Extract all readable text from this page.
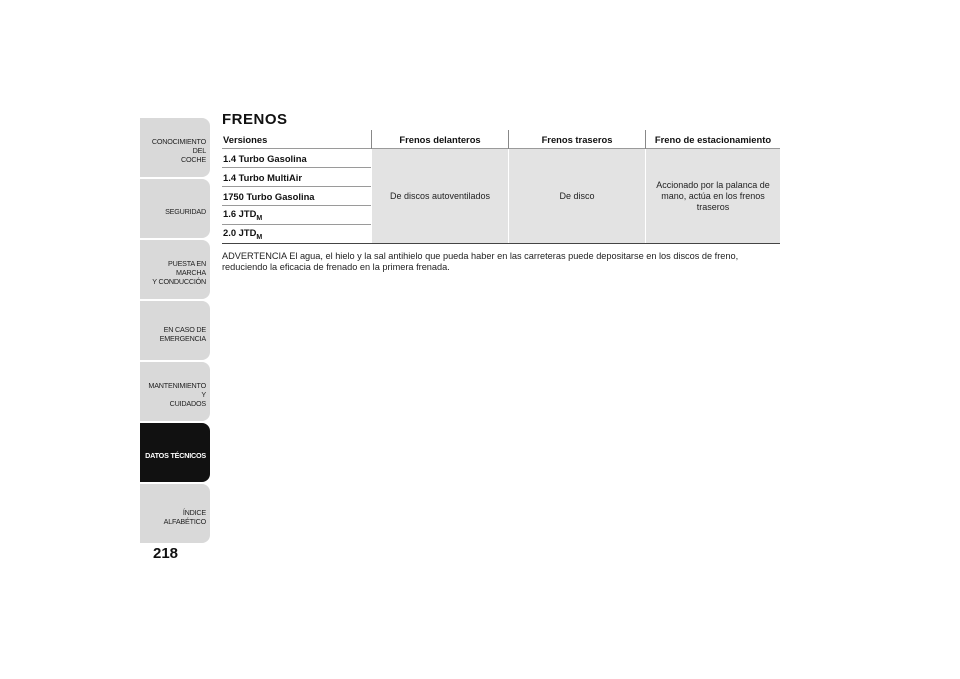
CONOCIMIENTO DEL
COCHE
SEGURIDAD
PUESTA EN MARCHA
Y CONDUCCIÓN
EN CASO DE
EMERGENCIA
MANTENIMIENTO Y
CUIDADOS
DATOS TÉCNICOS
ÍNDICE ALFABÉTICO
218
FRENOS
Versiones	Frenos delanteros	Frenos traseros	Freno de estacionamiento
1.4 Turbo Gasolina	De discos autoventilados	De disco	Accionado por la palanca de mano, actúa en los frenos traseros
1.4 Turbo MultiAir			
1750 Turbo Gasolina			
1.6 $JTD_M$
2.0 $JTD_M$
ADVERTENCIA El agua, el hielo y la sal antihielo que pueda haber en las carreteras puede depositarse en los discos de freno, reduciendo la eficacia de frenado en la primera frenada.
